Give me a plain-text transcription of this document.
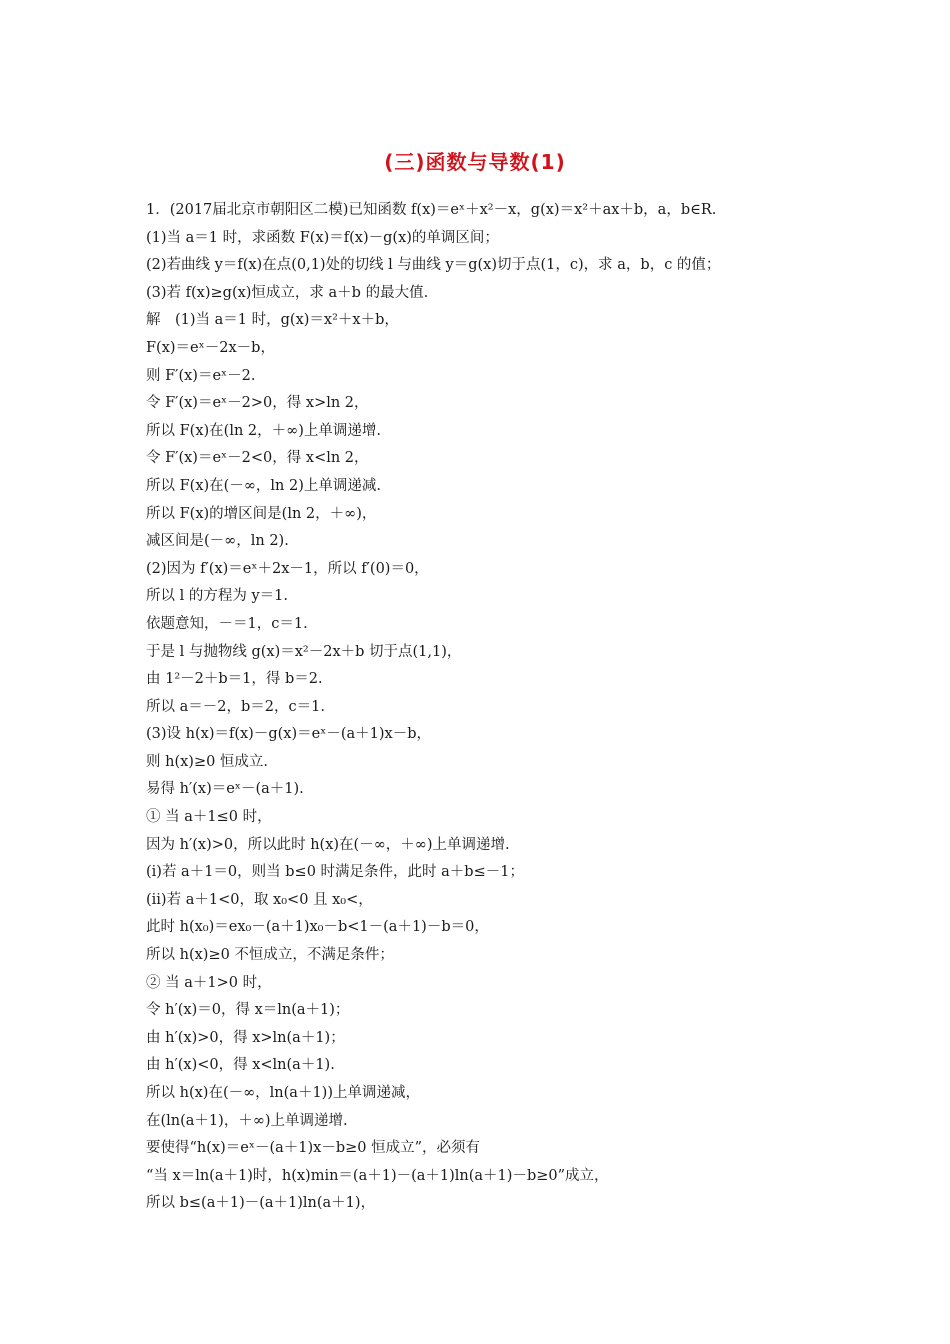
(三)函数与导数(1)
1．(2017届北京市朝阳区二模)已知函数 f(x)＝eˣ＋x²－x，g(x)＝x²＋ax＋b，a，b∈R.
(1)当 a＝1 时，求函数 F(x)＝f(x)－g(x)的单调区间；
(2)若曲线 y＝f(x)在点(0,1)处的切线 l 与曲线 y＝g(x)切于点(1，c)，求 a，b，c 的值；
(3)若 f(x)≥g(x)恒成立，求 a＋b 的最大值.
解　(1)当 a＝1 时，g(x)＝x²＋x＋b，
F(x)＝eˣ－2x－b，
则 F′(x)＝eˣ－2.
令 F′(x)＝eˣ－2>0，得 x>ln 2，
所以 F(x)在(ln 2，＋∞)上单调递增.
令 F′(x)＝eˣ－2<0，得 x<ln 2，
所以 F(x)在(－∞，ln 2)上单调递减.
所以 F(x)的增区间是(ln 2，＋∞)，
减区间是(－∞，ln 2).
(2)因为 f′(x)＝eˣ＋2x－1，所以 f′(0)＝0，
所以 l 的方程为 y＝1.
依题意知，－＝1，c＝1.
于是 l 与抛物线 g(x)＝x²－2x＋b 切于点(1,1)，
由 1²－2＋b＝1，得 b＝2.
所以 a＝－2，b＝2，c＝1.
(3)设 h(x)＝f(x)－g(x)＝eˣ－(a＋1)x－b，
则 h(x)≥0 恒成立.
易得 h′(x)＝eˣ－(a＋1).
① 当 a＋1≤0 时，
因为 h′(x)>0，所以此时 h(x)在(－∞，＋∞)上单调递增.
(ⅰ)若 a＋1＝0，则当 b≤0 时满足条件，此时 a＋b≤－1；
(ⅱ)若 a＋1<0，取 x₀<0 且 x₀<，
此时 h(x₀)＝ex₀－(a＋1)x₀－b<1－(a＋1)－b＝0，
所以 h(x)≥0 不恒成立，不满足条件；
② 当 a＋1>0 时，
令 h′(x)＝0，得 x＝ln(a＋1)；
由 h′(x)>0，得 x>ln(a＋1)；
由 h′(x)<0，得 x<ln(a＋1).
所以 h(x)在(－∞，ln(a＋1))上单调递减，
在(ln(a＋1)，＋∞)上单调递增.
要使得“h(x)＝eˣ－(a＋1)x－b≥0 恒成立”，必须有
“当 x＝ln(a＋1)时，h(x)min＝(a＋1)－(a＋1)ln(a＋1)－b≥0”成立，
所以 b≤(a＋1)－(a＋1)ln(a＋1)，
